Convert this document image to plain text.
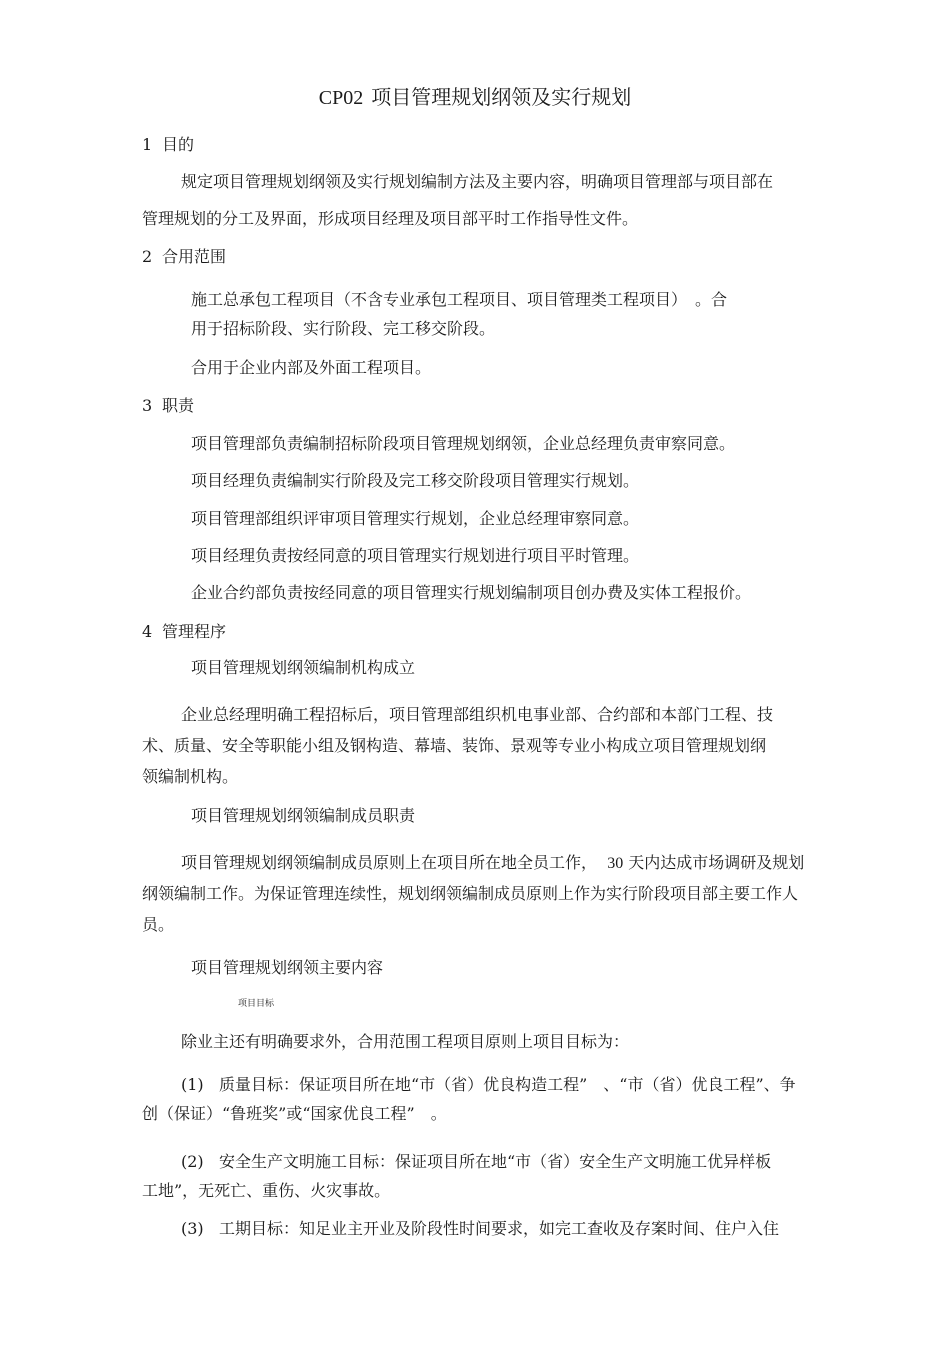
CP02 项目管理规划纲领及实行规划
1 目的
规定项目管理规划纲领及实行规划编制方法及主要内容，明确项目管理部与项目部在
管理规划的分工及界面，形成项目经理及项目部平时工作指导性文件。
2 合用范围
施工总承包工程项目（不含专业承包工程项目、项目管理类工程项目）　。合
用于招标阶段、实行阶段、完工移交阶段。
合用于企业内部及外面工程项目。
3 职责
项目管理部负责编制招标阶段项目管理规划纲领，企业总经理负责审察同意。
项目经理负责编制实行阶段及完工移交阶段项目管理实行规划。
项目管理部组织评审项目管理实行规划，企业总经理审察同意。
项目经理负责按经同意的项目管理实行规划进行项目平时管理。
企业合约部负责按经同意的项目管理实行规划编制项目创办费及实体工程报价。
4 管理程序
项目管理规划纲领编制机构成立
企业总经理明确工程招标后，项目管理部组织机电事业部、合约部和本部门工程、技
术、质量、安全等职能小组及钢构造、幕墙、装饰、景观等专业小构成立项目管理规划纲
领编制机构。
项目管理规划纲领编制成员职责
项目管理规划纲领编制成员原则上在项目所在地全员工作， 30 天内达成市场调研及规划
纲领编制工作。为保证管理连续性，规划纲领编制成员原则上作为实行阶段项目部主要工作人
员。
项目管理规划纲领主要内容
项目目标
除业主还有明确要求外，合用范围工程项目原则上项目目标为：
(1) 质量目标：保证项目所在地“市（省）优良构造工程”　、“市（省）优良工程”、争
创（保证）“鲁班奖”或“国家优良工程”　。
(2) 安全生产文明施工目标：保证项目所在地“市（省）安全生产文明施工优异样板
工地”，无死亡、重伤、火灾事故。
(3) 工期目标：知足业主开业及阶段性时间要求，如完工查收及存案时间、住户入住
